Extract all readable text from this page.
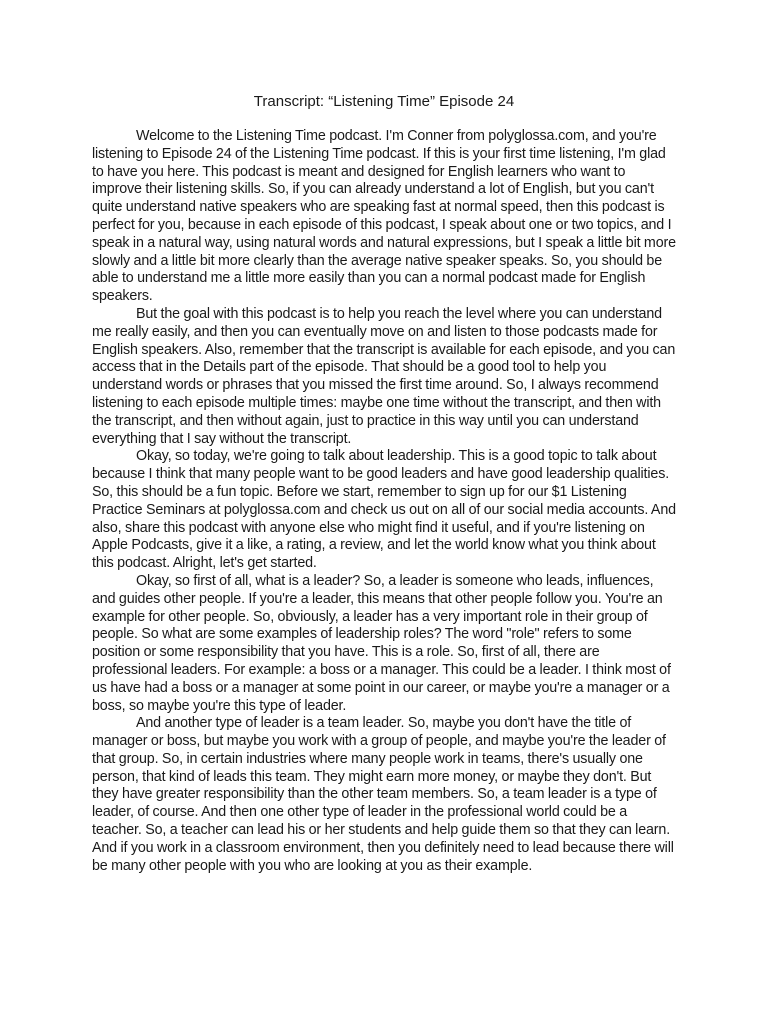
Transcript: “Listening Time” Episode 24

Welcome to the Listening Time podcast. I'm Conner from polyglossa.com, and you're listening to Episode 24 of the Listening Time podcast. If this is your first time listening, I'm glad to have you here. This podcast is meant and designed for English learners who want to improve their listening skills. So, if you can already understand a lot of English, but you can't quite understand native speakers who are speaking fast at normal speed, then this podcast is perfect for you, because in each episode of this podcast, I speak about one or two topics, and I speak in a natural way, using natural words and natural expressions, but I speak a little bit more slowly and a little bit more clearly than the average native speaker speaks. So, you should be able to understand me a little more easily than you can a normal podcast made for English speakers.

But the goal with this podcast is to help you reach the level where you can understand me really easily, and then you can eventually move on and listen to those podcasts made for English speakers. Also, remember that the transcript is available for each episode, and you can access that in the Details part of the episode. That should be a good tool to help you understand words or phrases that you missed the first time around. So, I always recommend listening to each episode multiple times: maybe one time without the transcript, and then with the transcript, and then without again, just to practice in this way until you can understand everything that I say without the transcript.

Okay, so today, we're going to talk about leadership. This is a good topic to talk about because I think that many people want to be good leaders and have good leadership qualities. So, this should be a fun topic. Before we start, remember to sign up for our $1 Listening Practice Seminars at polyglossa.com and check us out on all of our social media accounts. And also, share this podcast with anyone else who might find it useful, and if you're listening on Apple Podcasts, give it a like, a rating, a review, and let the world know what you think about this podcast. Alright, let's get started.

Okay, so first of all, what is a leader? So, a leader is someone who leads, influences, and guides other people. If you're a leader, this means that other people follow you. You're an example for other people. So, obviously, a leader has a very important role in their group of people. So what are some examples of leadership roles? The word "role" refers to some position or some responsibility that you have. This is a role. So, first of all, there are professional leaders. For example: a boss or a manager. This could be a leader. I think most of us have had a boss or a manager at some point in our career, or maybe you're a manager or a boss, so maybe you're this type of leader.

And another type of leader is a team leader. So, maybe you don't have the title of manager or boss, but maybe you work with a group of people, and maybe you're the leader of that group. So, in certain industries where many people work in teams, there's usually one person, that kind of leads this team. They might earn more money, or maybe they don't. But they have greater responsibility than the other team members. So, a team leader is a type of leader, of course. And then one other type of leader in the professional world could be a teacher. So, a teacher can lead his or her students and help guide them so that they can learn. And if you work in a classroom environment, then you definitely need to lead because there will be many other people with you who are looking at you as their example.
